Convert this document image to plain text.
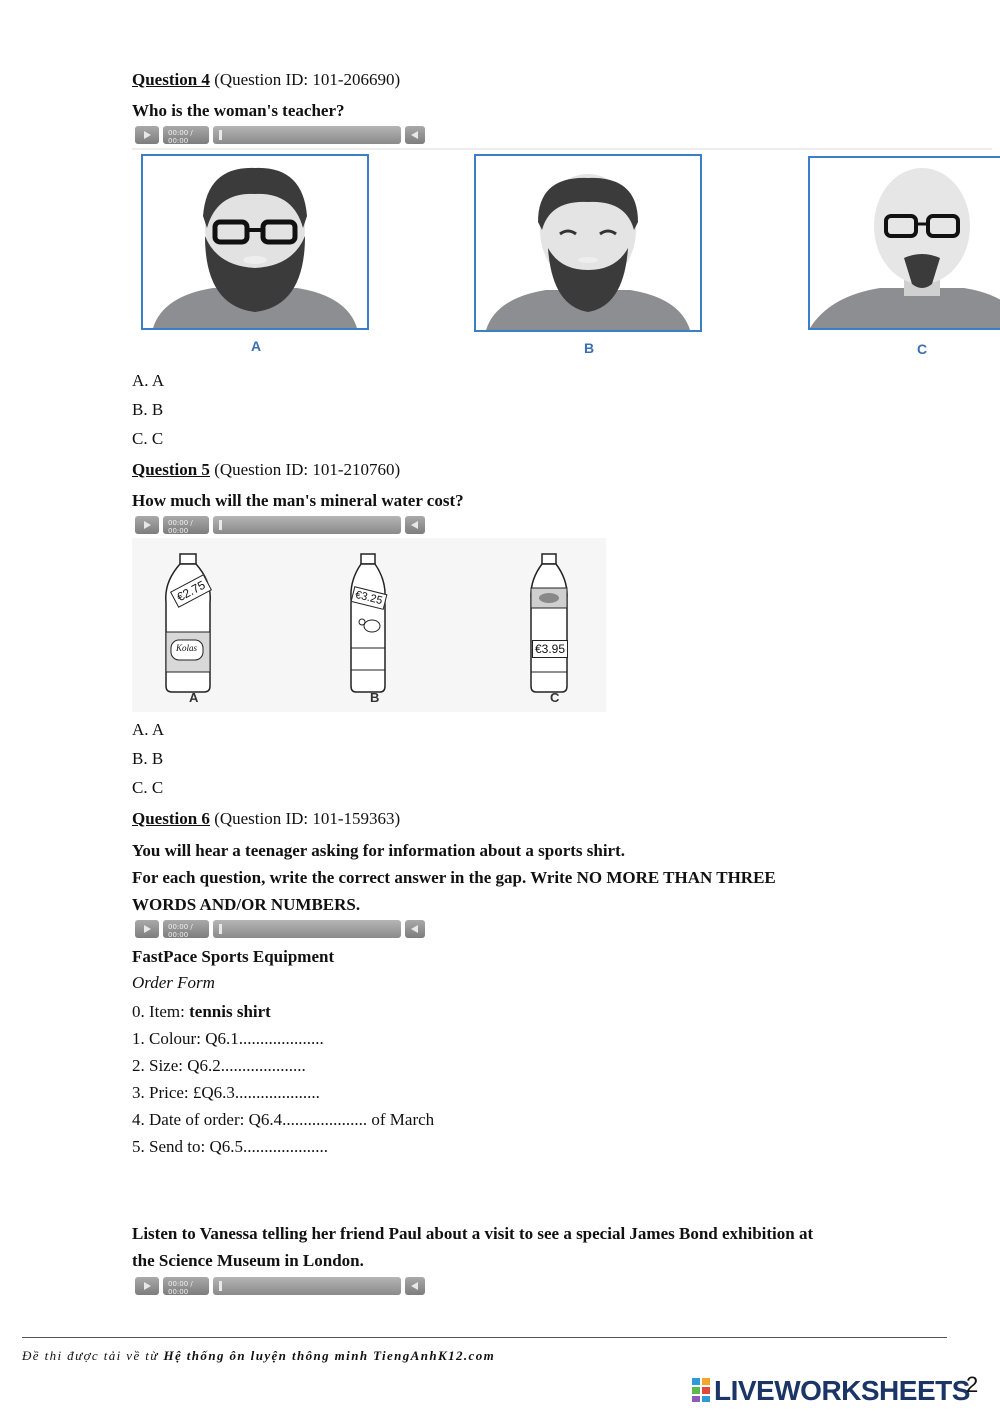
Question 4 (Question ID: 101-206690)
Who is the woman's teacher?
00:00 / 00:00
A	B	C
A. A
B. B
C. C
Question 5 (Question ID: 101-210760)
How much will the man's mineral water cost?
00:00 / 00:00
€2.75
Kolas
A
€3.25
B
€3.95
C
A. A
B. B
C. C
Question 6 (Question ID: 101-159363)
You will hear a teenager asking for information about a sports shirt.
For each question, write the correct answer in the gap. Write NO MORE THAN THREE
WORDS AND/OR NUMBERS.
00:00 / 00:00
FastPace Sports Equipment
Order Form
0. Item: tennis shirt
1. Colour: Q6.1....................
2. Size: Q6.2....................
3. Price: £Q6.3....................
4. Date of order: Q6.4.................... of March
5. Send to: Q6.5....................
Listen to Vanessa telling her friend Paul about a visit to see a special James Bond exhibition at
the Science Museum in London.
00:00 / 00:00
Đề thi được tải về từ Hệ thống ôn luyện thông minh TiengAnhK12.com
LIVEWORKSHEETS
2
